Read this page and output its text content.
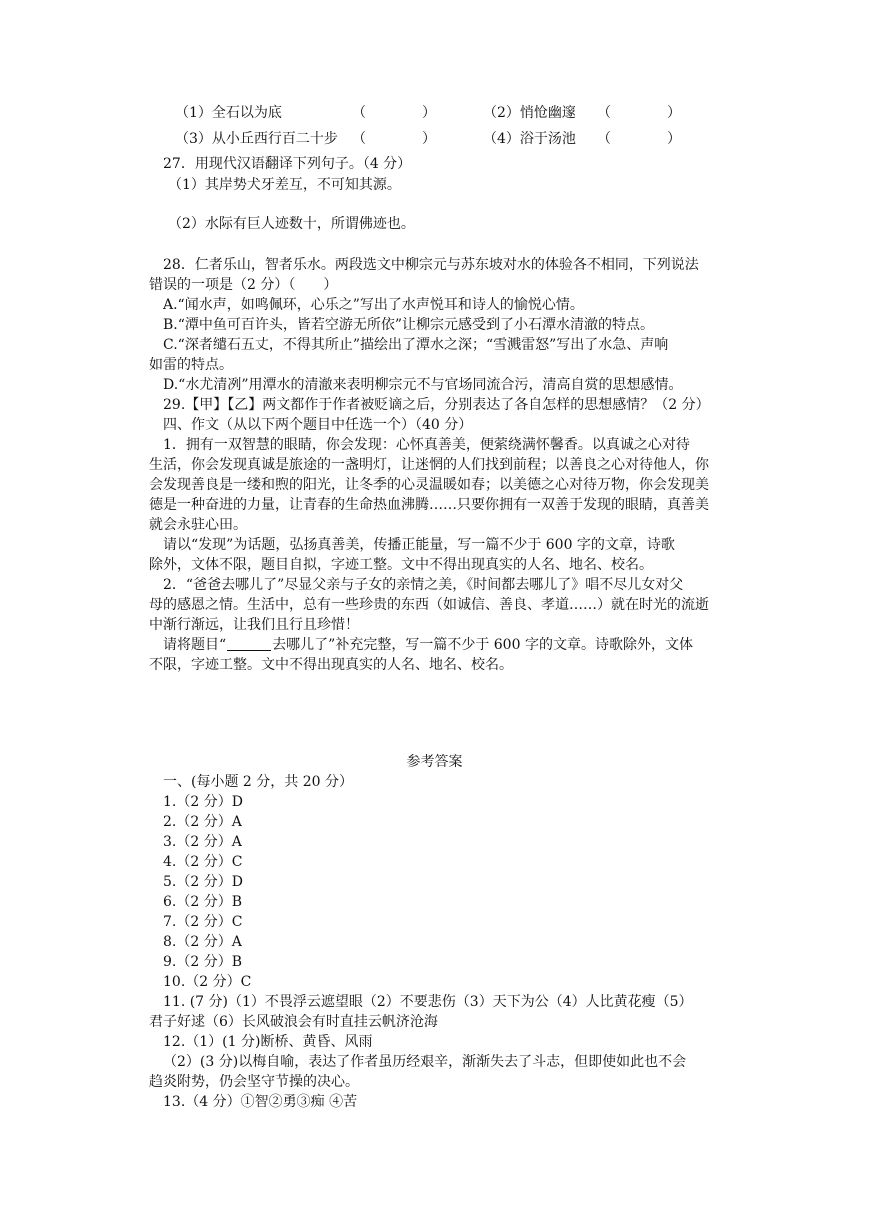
（1）全石以为底	（　　　　）	（2）悄怆幽邃 （　　　　）
（3）从小丘西行百二十步 （　　　　）	（4）浴于汤池 （　　　　）
27．用现代汉语翻译下列句子。（4 分）
（1）其岸势犬牙差互，不可知其源。
（2）水际有巨人迹数十，所谓佛迹也。
28．仁者乐山，智者乐水。两段选文中柳宗元与苏东坡对水的体验各不相同，下列说法
错误的一项是（2 分）（　　）
A.“闻水声，如鸣佩环，心乐之”写出了水声悦耳和诗人的愉悦心情。
B.“潭中鱼可百许头，皆若空游无所依”让柳宗元感受到了小石潭水清澈的特点。
C.“深者缱石五丈，不得其所止”描绘出了潭水之深；“雪溅雷怒”写出了水急、声响
如雷的特点。
D.“水尤清冽”用潭水的清澈来表明柳宗元不与官场同流合污，清高自赏的思想感情。
29.【甲】【乙】两文都作于作者被贬谪之后，分别表达了各自怎样的思想感情？（2 分）
四、作文（从以下两个题目中任选一个）（40 分）
1．拥有一双智慧的眼睛，你会发现：心怀真善美，便萦绕满怀馨香。以真诚之心对待
生活，你会发现真诚是旅途的一盏明灯，让迷惘的人们找到前程；以善良之心对待他人，你
会发现善良是一缕和煦的阳光，让冬季的心灵温暖如春；以美德之心对待万物，你会发现美
德是一种奋进的力量，让青春的生命热血沸腾……只要你拥有一双善于发现的眼睛，真善美
就会永驻心田。
请以“发现”为话题，弘扬真善美，传播正能量，写一篇不少于 600 字的文章，诗歌
除外，文体不限，题目自拟，字迹工整。文中不得出现真实的人名、地名、校名。
2．“爸爸去哪儿了”尽显父亲与子女的亲情之美，《时间都去哪儿了》唱不尽儿女对父
母的感恩之情。生活中，总有一些珍贵的东西（如诚信、善良、孝道……）就在时光的流逝
中渐行渐远，让我们且行且珍惜！
请将题目“	去哪儿了”补充完整，写一篇不少于 600 字的文章。诗歌除外，文体
不限，字迹工整。文中不得出现真实的人名、地名、校名。
参考答案
一、(每小题 2 分，共 20 分）
1.（2 分）D
2.（2 分）A
3.（2 分）A
4.（2 分）C
5.（2 分）D
6.（2 分）B
7.（2 分）C
8.（2 分）A
9.（2 分）B
10.（2 分）C
11. (7 分)（1）不畏浮云遮望眼（2）不要悲伤（3）天下为公（4）人比黄花瘦（5）
君子好逑（6）长风破浪会有时直挂云帆济沧海
12.（1）(1 分)断桥、黄昏、风雨
（2）(3 分)以梅自喻，表达了作者虽历经艰辛，渐渐失去了斗志，但即使如此也不会
趋炎附势，仍会坚守节操的决心。
13.（4 分）①智②勇③痴 ④苦
